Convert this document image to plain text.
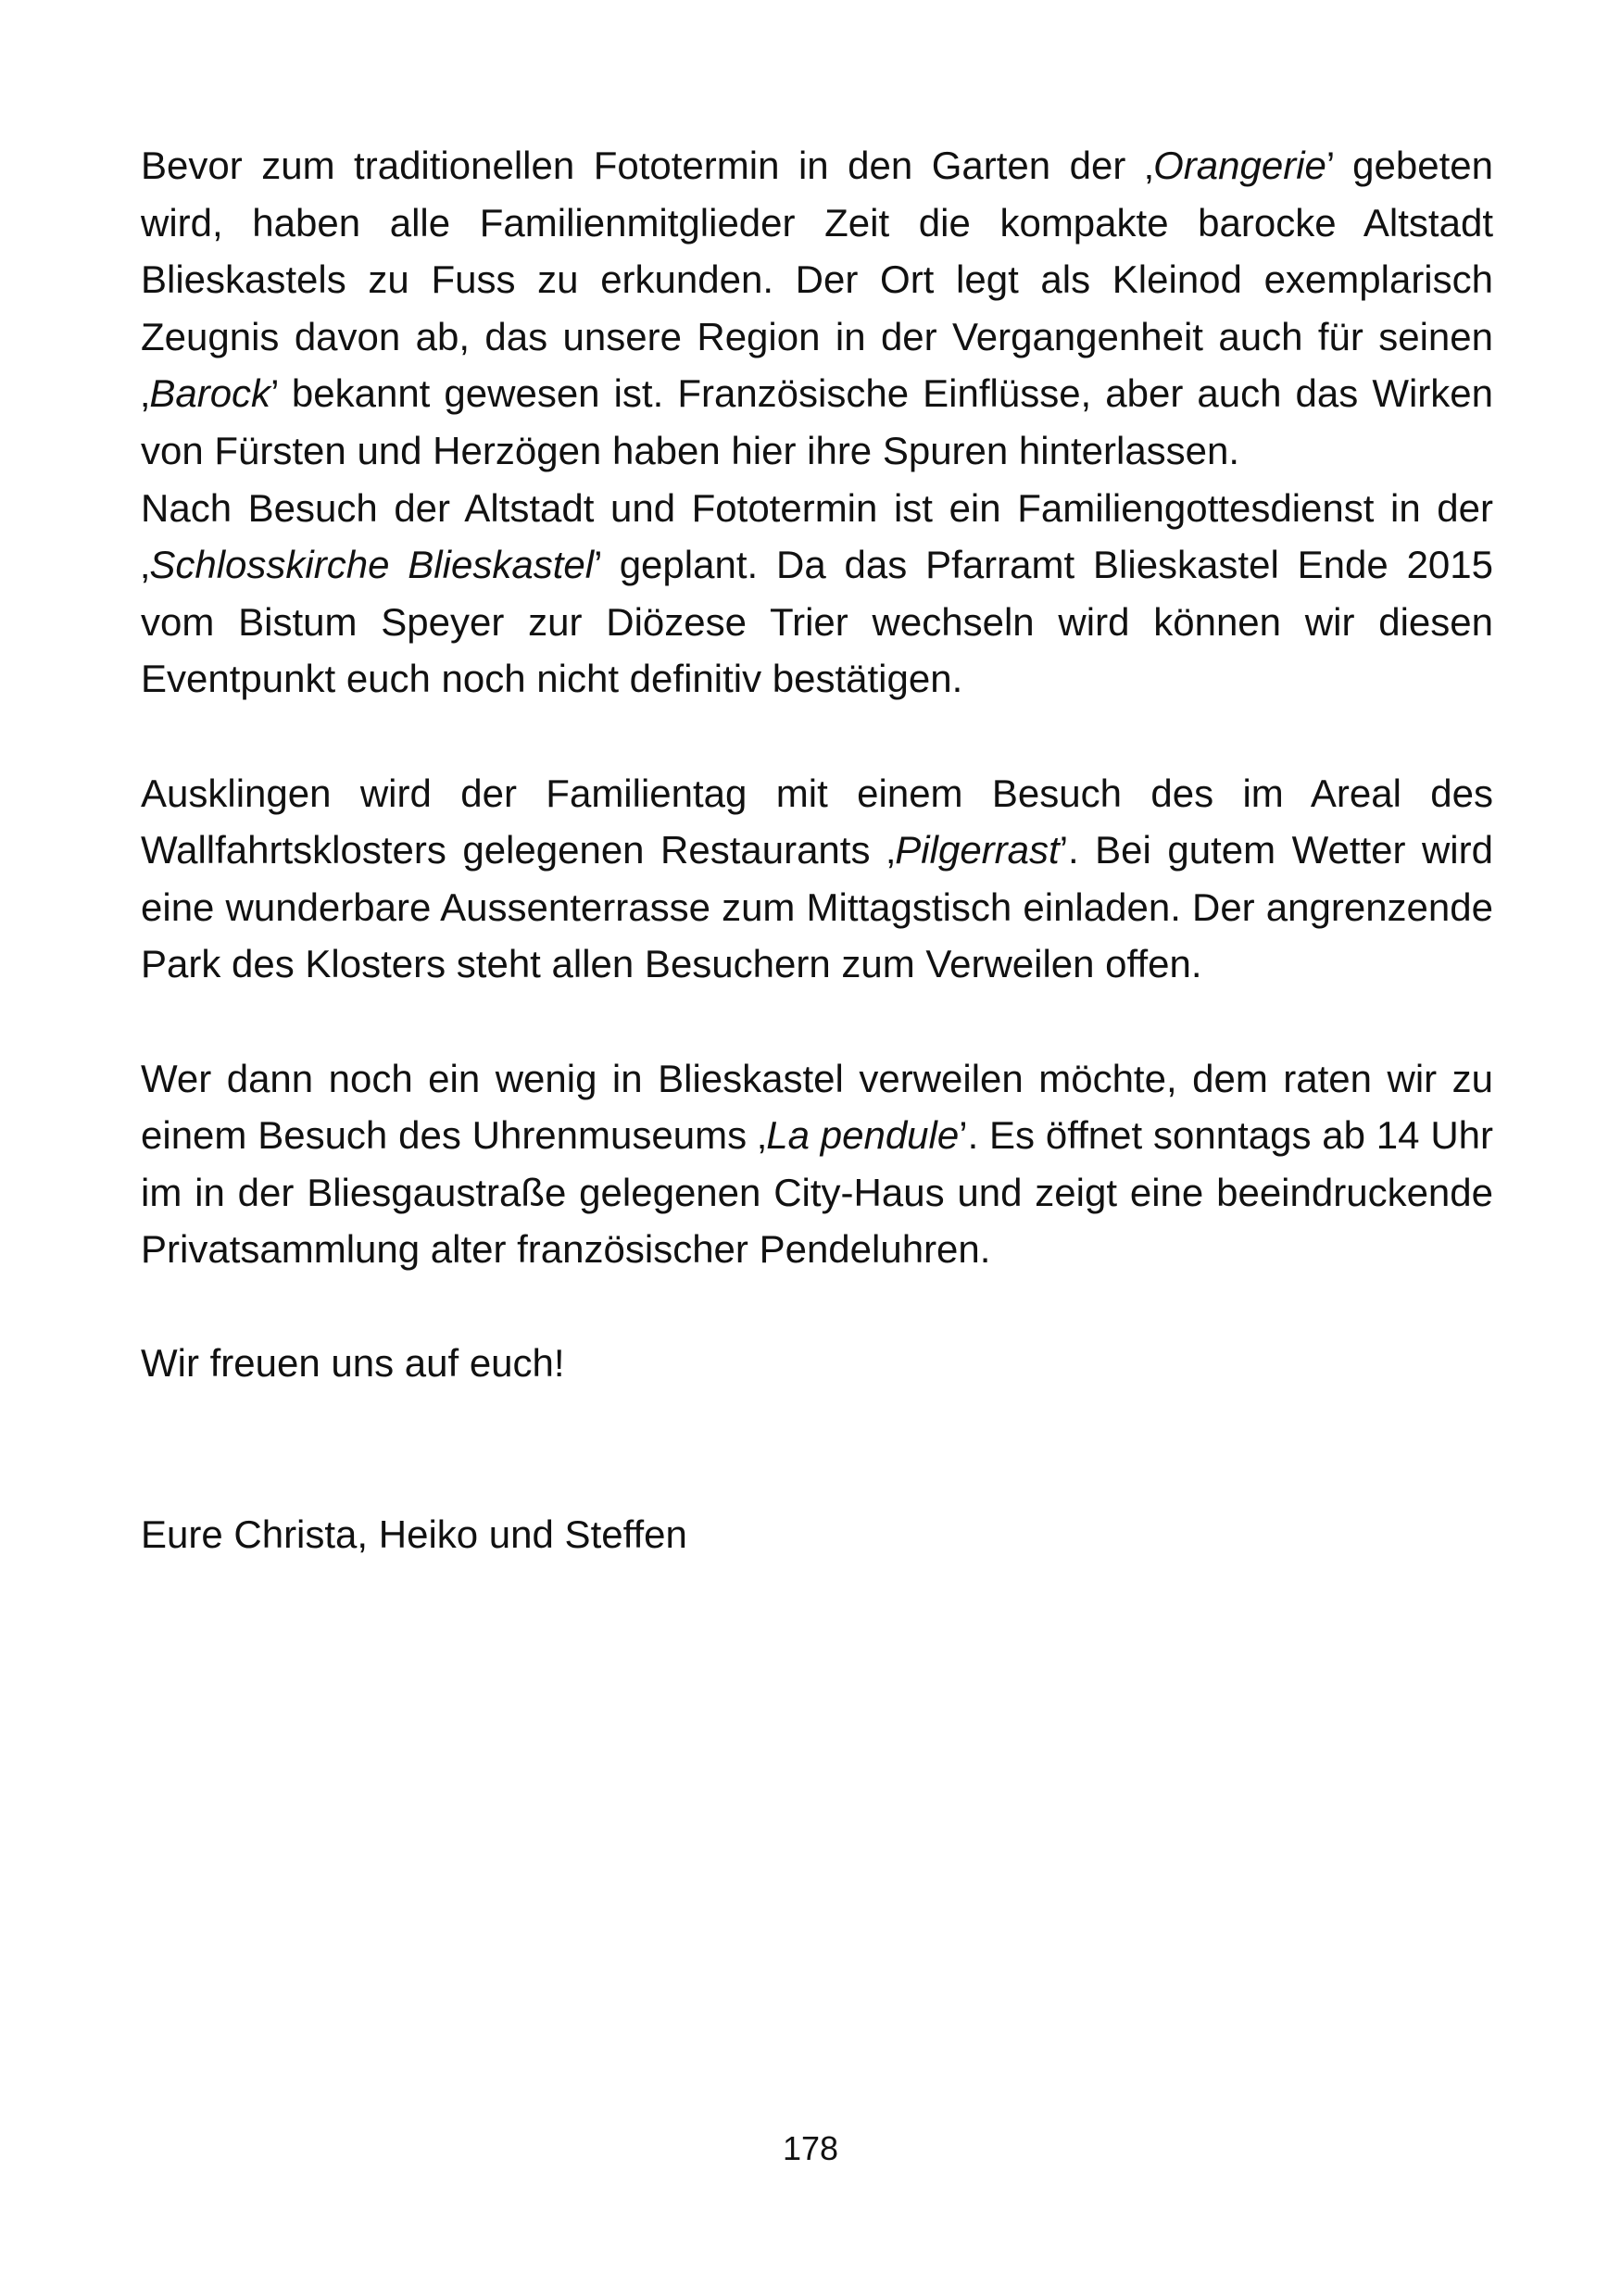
Bevor zum traditionellen Fototermin in den Garten der ‚Orangerie’ gebeten wird, haben alle Familienmitglieder Zeit die kompakte barocke Altstadt Blieskastels zu Fuss zu erkunden. Der Ort legt als Kleinod exemplarisch Zeugnis davon ab, das unsere Region in der Vergangenheit auch für seinen ‚Barock’ bekannt gewesen ist. Französische Einflüsse, aber auch das Wirken von Fürsten und Herzögen haben hier ihre Spuren hinterlassen.

Nach Besuch der Altstadt und Fototermin ist ein Familiengottesdienst in der ‚Schlosskirche Blieskastel’ geplant. Da das Pfarramt Blieskastel Ende 2015 vom Bistum Speyer zur Diözese Trier wechseln wird können wir diesen Eventpunkt euch noch nicht definitiv bestätigen.

Ausklingen wird der Familientag mit einem Besuch des im Areal des Wallfahrtsklosters gelegenen Restaurants ‚Pilgerrast’. Bei gutem Wetter wird eine wunderbare Aussenterrasse zum Mittagstisch einladen. Der angrenzende Park des Klosters steht allen Besuchern zum Verweilen offen.

Wer dann noch ein wenig in Blieskastel verweilen möchte, dem raten wir zu einem Besuch des Uhrenmuseums ‚La pendule’. Es öffnet sonntags ab 14 Uhr im in der Bliesgaustraße gelegenen City-Haus und zeigt eine beeindruckende Privatsammlung alter französischer Pendeluhren.

Wir freuen uns auf euch!

Eure Christa, Heiko und Steffen

178
